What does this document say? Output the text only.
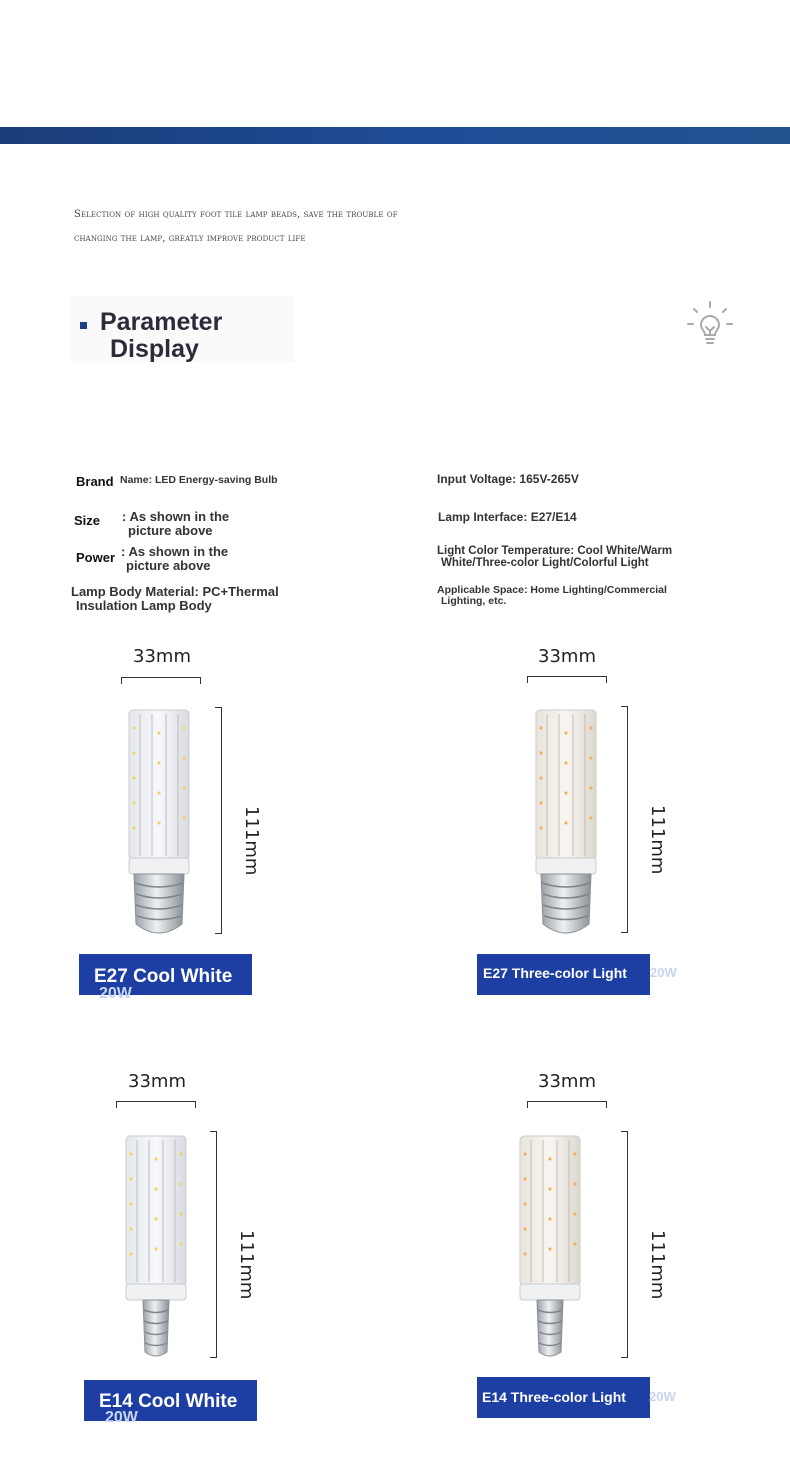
Selection of high quality foot tile lamp beads, save the trouble of
changing the lamp, greatly improve product life
Parameter
Display
Brand Name: LED Energy-saving Bulb
Size : As shown in the
picture above
Power : As shown in the
picture above
Lamp Body Material: PC+Thermal
Insulation Lamp Body
Input Voltage: 165V-265V
Lamp Interface: E27/E14
Light Color Temperature: Cool White/Warm
White/Three-color Light/Colorful Light
Applicable Space: Home Lighting/Commercial
Lighting, etc.
33mm
111mm
E27 Cool White
20W
33mm
111mm
E27 Three-color Light 20W
33mm
111mm
E14 Cool White
20W
33mm
111mm
E14 Three-color Light 20W
